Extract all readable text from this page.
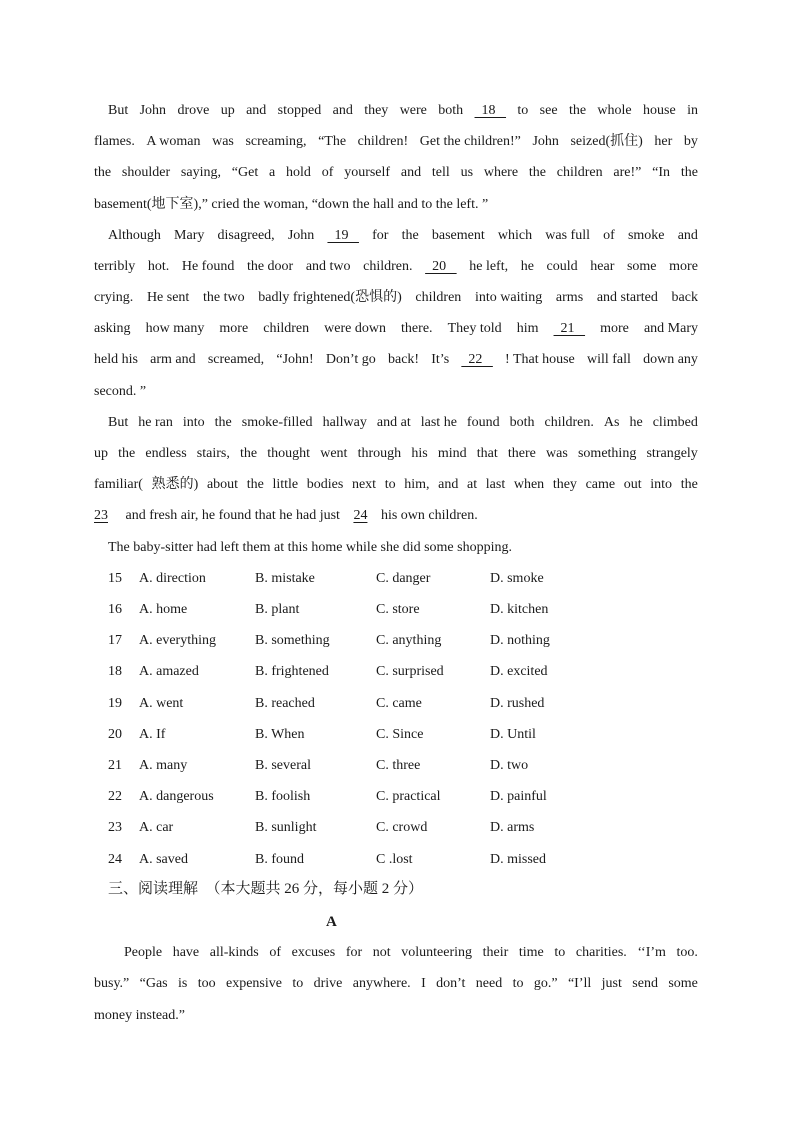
But John drove up and stopped and they were both 18 to see the whole house in
flames. A woman was screaming, “The children! Get the children!” John seized(抓住) her by
the shoulder saying, “Get a hold of yourself and tell us where the children are!” “In the
basement(地下室),” cried the woman, “down the hall and to the left. ”
Although Mary disagreed, John 19 for the basement which was full of smoke and
terribly hot. He found the door and two children. 20 he left, he could hear some more
crying. He sent the two badly frightened(恐惧的) children into waiting arms and started back
asking how many more children were down there. They told him 21 more and Mary
held his arm and screamed, “John! Don’t go back! It’s 22 ! That house will fall down any
second. ”
But he ran into the smoke-filled hallway and at last he found both children. As he climbed
up the endless stairs, the thought went through his mind that there was something strangely
familiar( 熟悉的) about the little bodies next to him, and at last when they came out into the
23 and fresh air, he found that he had just 24 his own children.
The baby-sitter had left them at this home while she did some shopping.
15 A. direction	B. mistake	C. danger	D. smoke
16 A. home	B. plant	C. store	D. kitchen
17 A. everything	B. something	C. anything	D. nothing
18 A. amazed	B. frightened	C. surprised	D. excited
19 A. went	B. reached	C. came	D. rushed
20 A. If	B. When	C. Since	D. Until
21 A. many	B. several	C. three	D. two
22 A. dangerous	B. foolish	C. practical	D. painful
23 A. car	B. sunlight	C. crowd	D. arms
24 A. saved	B. found	C .lost	D. missed
三、阅读理解　（本大题共 26 分，每小题 2 分）
A
People have all-kinds of excuses for not volunteering their time to charities. ‘‘I’m too.
busy.” “Gas is too expensive to drive anywhere. I don’t need to go.” “I’ll just send some
money instead.”
